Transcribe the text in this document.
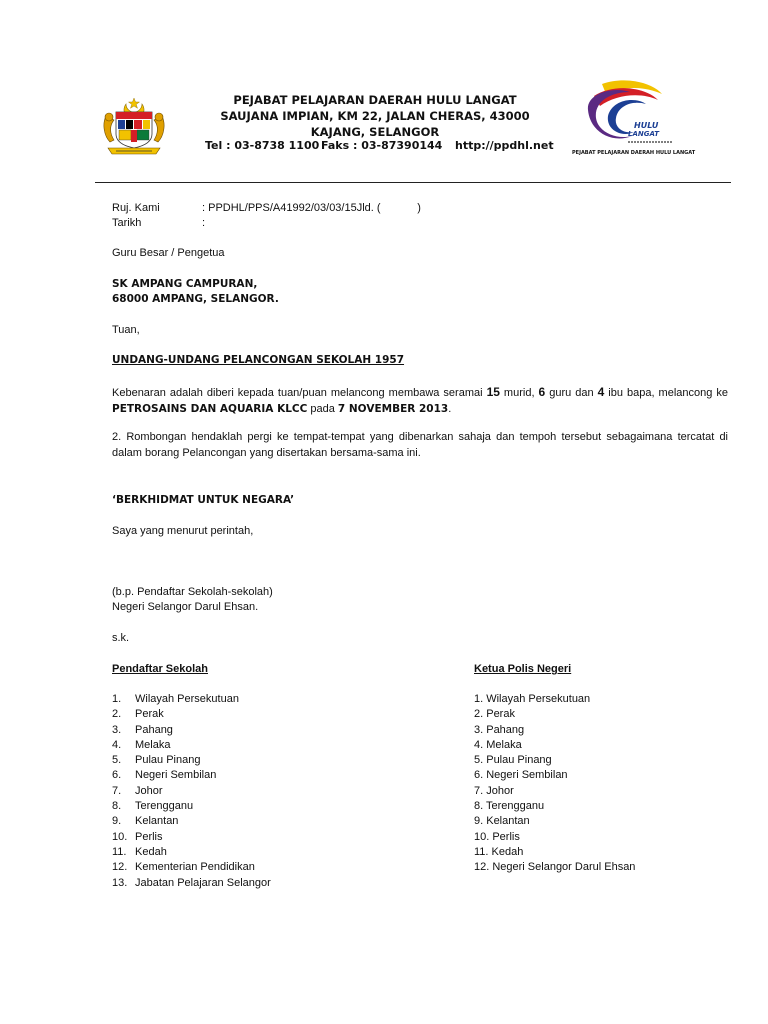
PEJABAT PELAJARAN DAERAH HULU LANGAT
SAUJANA IMPIAN, KM 22, JALAN CHERAS, 43000
KAJANG, SELANGOR
Tel : 03-8738 1100 Faks : 03-87390144 http://ppdhl.net
HULU
LANGAT
PEJABAT PELAJARAN DAERAH HULU LANGAT
Ruj. Kami	: PPDHL/PPS/A41992/03/03/15Jld. (            )
Tarikh	:
Guru Besar / Pengetua
SK AMPANG CAMPURAN,
68000 AMPANG, SELANGOR.
Tuan,
UNDANG-UNDANG PELANCONGAN SEKOLAH 1957
Kebenaran adalah diberi kepada tuan/puan melancong membawa seramai 15 murid, 6 guru dan 4 ibu bapa, melancong ke PETROSAINS DAN AQUARIA KLCC pada 7 NOVEMBER 2013.
2. Rombongan hendaklah pergi ke tempat-tempat yang dibenarkan sahaja dan tempoh tersebut sebagaimana tercatat di dalam borang Pelancongan yang disertakan bersama-sama ini.
‘BERKHIDMAT UNTUK NEGARA’
Saya yang menurut perintah,
(b.p. Pendaftar Sekolah-sekolah)
Negeri Selangor Darul Ehsan.
s.k.
Pendaftar Sekolah
1.	Wilayah Persekutuan
2.	Perak
3.	Pahang
4.	Melaka
5.	Pulau Pinang
6.	Negeri Sembilan
7.	Johor
8.	Terengganu
9.	Kelantan
10. Perlis
11. Kedah
12. Kementerian Pendidikan
13. Jabatan Pelajaran Selangor
Ketua Polis Negeri
1. Wilayah Persekutuan
2. Perak
3. Pahang
4. Melaka
5. Pulau Pinang
6. Negeri Sembilan
7. Johor
8. Terengganu
9. Kelantan
10. Perlis
11. Kedah
12. Negeri Selangor Darul Ehsan
